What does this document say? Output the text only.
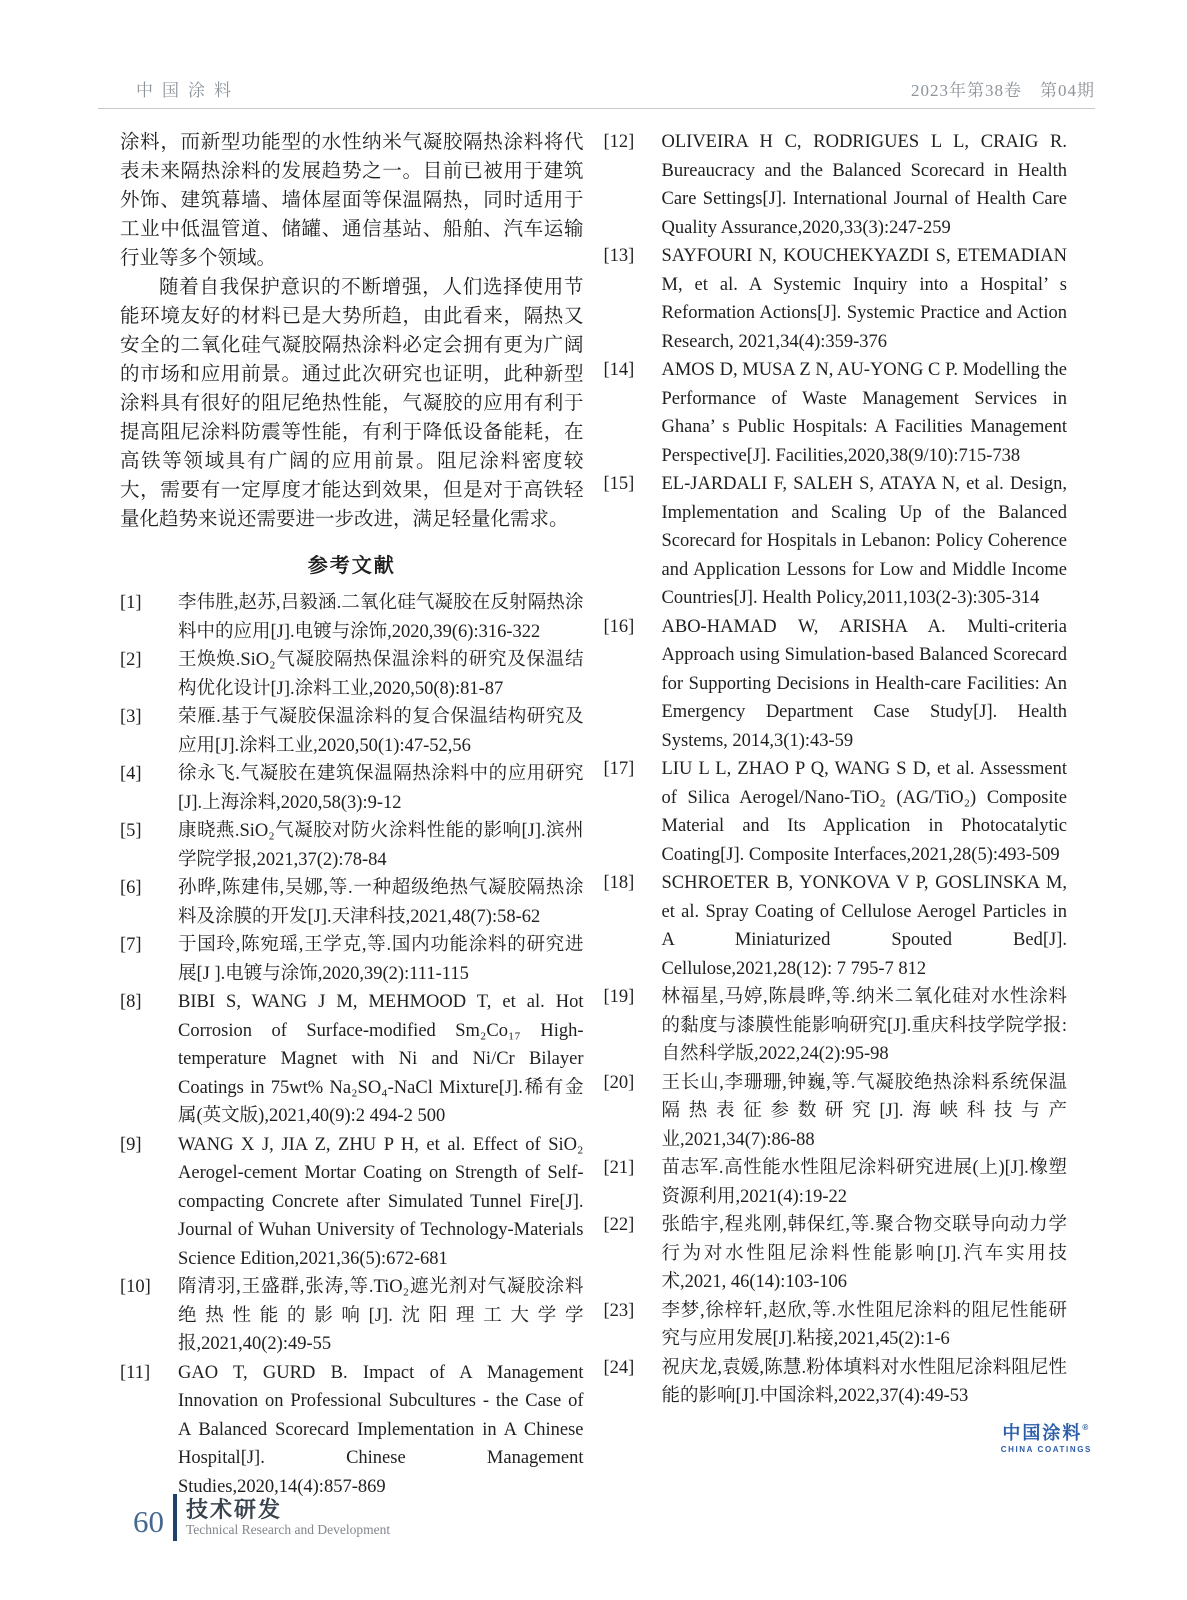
中国涂料	2023年第38卷　第04期

涂料，而新型功能型的水性纳米气凝胶隔热涂料将代表未来隔热涂料的发展趋势之一。目前已被用于建筑外饰、建筑幕墙、墙体屋面等保温隔热，同时适用于工业中低温管道、储罐、通信基站、船舶、汽车运输行业等多个领域。

随着自我保护意识的不断增强，人们选择使用节能环境友好的材料已是大势所趋，由此看来，隔热又安全的二氧化硅气凝胶隔热涂料必定会拥有更为广阔的市场和应用前景。通过此次研究也证明，此种新型涂料具有很好的阻尼绝热性能，气凝胶的应用有利于提高阻尼涂料防震等性能，有利于降低设备能耗，在高铁等领域具有广阔的应用前景。阻尼涂料密度较大，需要有一定厚度才能达到效果，但是对于高铁轻量化趋势来说还需要进一步改进，满足轻量化需求。

参考文献
[1]	李伟胜,赵苏,吕毅涵.二氧化硅气凝胶在反射隔热涂料中的应用[J].电镀与涂饰,2020,39(6):316-322
[2]	王焕焕.SiO₂气凝胶隔热保温涂料的研究及保温结构优化设计[J].涂料工业,2020,50(8):81-87
[3]	荣雁.基于气凝胶保温涂料的复合保温结构研究及应用[J].涂料工业,2020,50(1):47-52,56
[4]	徐永飞.气凝胶在建筑保温隔热涂料中的应用研究[J].上海涂料,2020,58(3):9-12
[5]	康晓燕.SiO₂气凝胶对防火涂料性能的影响[J].滨州学院学报,2021,37(2):78-84
[6]	孙晔,陈建伟,吴娜,等.一种超级绝热气凝胶隔热涂料及涂膜的开发[J].天津科技,2021,48(7):58-62
[7]	于国玲,陈宛瑶,王学克,等.国内功能涂料的研究进展[J ].电镀与涂饰,2020,39(2):111-115
[8]	BIBI S, WANG J M, MEHMOOD T, et al. Hot Corrosion of Surface-modified Sm₂Co₁₇ High-temperature Magnet with Ni and Ni/Cr Bilayer Coatings in 75wt% Na₂SO₄-NaCl Mixture[J].稀有金属(英文版),2021,40(9):2 494-2 500
[9]	WANG X J, JIA Z, ZHU P H, et al. Effect of SiO₂ Aerogel-cement Mortar Coating on Strength of Self-compacting Concrete after Simulated Tunnel Fire[J]. Journal of Wuhan University of Technology-Materials Science Edition,2021,36(5):672-681
[10]	隋清羽,王盛群,张涛,等.TiO₂遮光剂对气凝胶涂料绝热性能的影响[J].沈阳理工大学学报,2021,40(2):49-55
[11]	GAO T, GURD B. Impact of A Management Innovation on Professional Subcultures - the Case of A Balanced Scorecard Implementation in A Chinese Hospital[J]. Chinese Management Studies,2020,14(4):857-869
[12]	OLIVEIRA H C, RODRIGUES L L, CRAIG R. Bureaucracy and the Balanced Scorecard in Health Care Settings[J]. International Journal of Health Care Quality Assurance,2020,33(3):247-259
[13]	SAYFOURI N, KOUCHEKYAZDI S, ETEMADIAN M, et al. A Systemic Inquiry into a Hospital’ s Reformation Actions[J]. Systemic Practice and Action Research, 2021,34(4):359-376
[14]	AMOS D, MUSA Z N, AU-YONG C P. Modelling the Performance of Waste Management Services in Ghana’ s Public Hospitals: A Facilities Management Perspective[J]. Facilities,2020,38(9/10):715-738
[15]	EL-JARDALI F, SALEH S, ATAYA N, et al. Design, Implementation and Scaling Up of the Balanced Scorecard for Hospitals in Lebanon: Policy Coherence and Application Lessons for Low and Middle Income Countries[J]. Health Policy,2011,103(2-3):305-314
[16]	ABO-HAMAD W, ARISHA A. Multi-criteria Approach using Simulation-based Balanced Scorecard for Supporting Decisions in Health-care Facilities: An Emergency Department Case Study[J]. Health Systems, 2014,3(1):43-59
[17]	LIU L L, ZHAO P Q, WANG S D, et al. Assessment of Silica Aerogel/Nano-TiO₂ (AG/TiO₂) Composite Material and Its Application in Photocatalytic Coating[J]. Composite Interfaces,2021,28(5):493-509
[18]	SCHROETER B, YONKOVA V P, GOSLINSKA M, et al. Spray Coating of Cellulose Aerogel Particles in A Miniaturized Spouted Bed[J]. Cellulose,2021,28(12): 7 795-7 812
[19]	林福星,马婷,陈晨晔,等.纳米二氧化硅对水性涂料的黏度与漆膜性能影响研究[J].重庆科技学院学报:自然科学版,2022,24(2):95-98
[20]	王长山,李珊珊,钟巍,等.气凝胶绝热涂料系统保温隔热表征参数研究[J].海峡科技与产业,2021,34(7):86-88
[21]	苗志军.高性能水性阻尼涂料研究进展(上)[J].橡塑资源利用,2021(4):19-22
[22]	张皓宇,程兆刚,韩保红,等.聚合物交联导向动力学行为对水性阻尼涂料性能影响[J].汽车实用技术,2021, 46(14):103-106
[23]	李梦,徐梓轩,赵欣,等.水性阻尼涂料的阻尼性能研究与应用发展[J].粘接,2021,45(2):1-6
[24]	祝庆龙,袁媛,陈慧.粉体填料对水性阻尼涂料阻尼性能的影响[J].中国涂料,2022,37(4):49-53
中国涂料®
CHINA COATINGS
60 技术研发
Technical Research and Development
